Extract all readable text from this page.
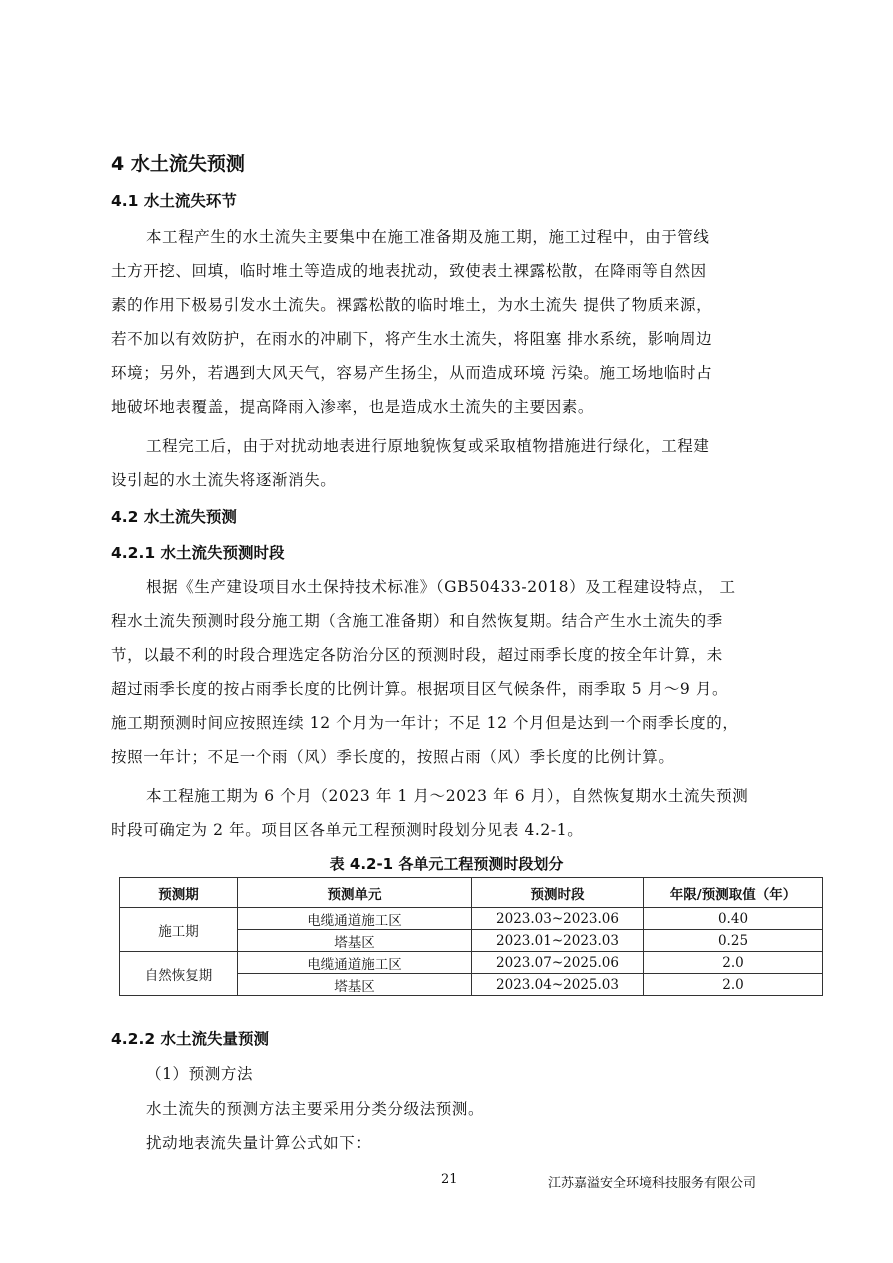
4 水土流失预测
4.1 水土流失环节
本工程产生的水土流失主要集中在施工准备期及施工期，施工过程中，由于管线
土方开挖、回填，临时堆土等造成的地表扰动，致使表土裸露松散，在降雨等自然因
素的作用下极易引发水土流失。裸露松散的临时堆土，为水土流失 提供了物质来源，
若不加以有效防护，在雨水的冲刷下，将产生水土流失，将阻塞 排水系统，影响周边
环境；另外，若遇到大风天气，容易产生扬尘，从而造成环境 污染。施工场地临时占
地破坏地表覆盖，提高降雨入渗率，也是造成水土流失的主要因素。
工程完工后，由于对扰动地表进行原地貌恢复或采取植物措施进行绿化，工程建
设引起的水土流失将逐渐消失。
4.2 水土流失预测
4.2.1 水土流失预测时段
根据《生产建设项目水土保持技术标准》（GB50433-2018）及工程建设特点， 工
程水土流失预测时段分施工期（含施工准备期）和自然恢复期。结合产生水土流失的季
节，以最不利的时段合理选定各防治分区的预测时段，超过雨季长度的按全年计算，未
超过雨季长度的按占雨季长度的比例计算。根据项目区气候条件，雨季取 5 月～9 月。
施工期预测时间应按照连续 12 个月为一年计；不足 12 个月但是达到一个雨季长度的，
按照一年计；不足一个雨（风）季长度的，按照占雨（风）季长度的比例计算。
本工程施工期为 6 个月（2023 年 1 月～2023 年 6 月），自然恢复期水土流失预测
时段可确定为 2 年。项目区各单元工程预测时段划分见表 4.2-1。
表 4.2-1 各单元工程预测时段划分
预测期	预测单元	预测时段	年限/预测取值（年）
施工期	电缆通道施工区	2023.03~2023.06	0.40
	塔基区	2023.01~2023.03	0.25
自然恢复期	电缆通道施工区	2023.07~2025.06	2.0
	塔基区	2023.04~2025.03	2.0
4.2.2 水土流失量预测
（1）预测方法
水土流失的预测方法主要采用分类分级法预测。
扰动地表流失量计算公式如下：
21	江苏嘉溢安全环境科技服务有限公司
